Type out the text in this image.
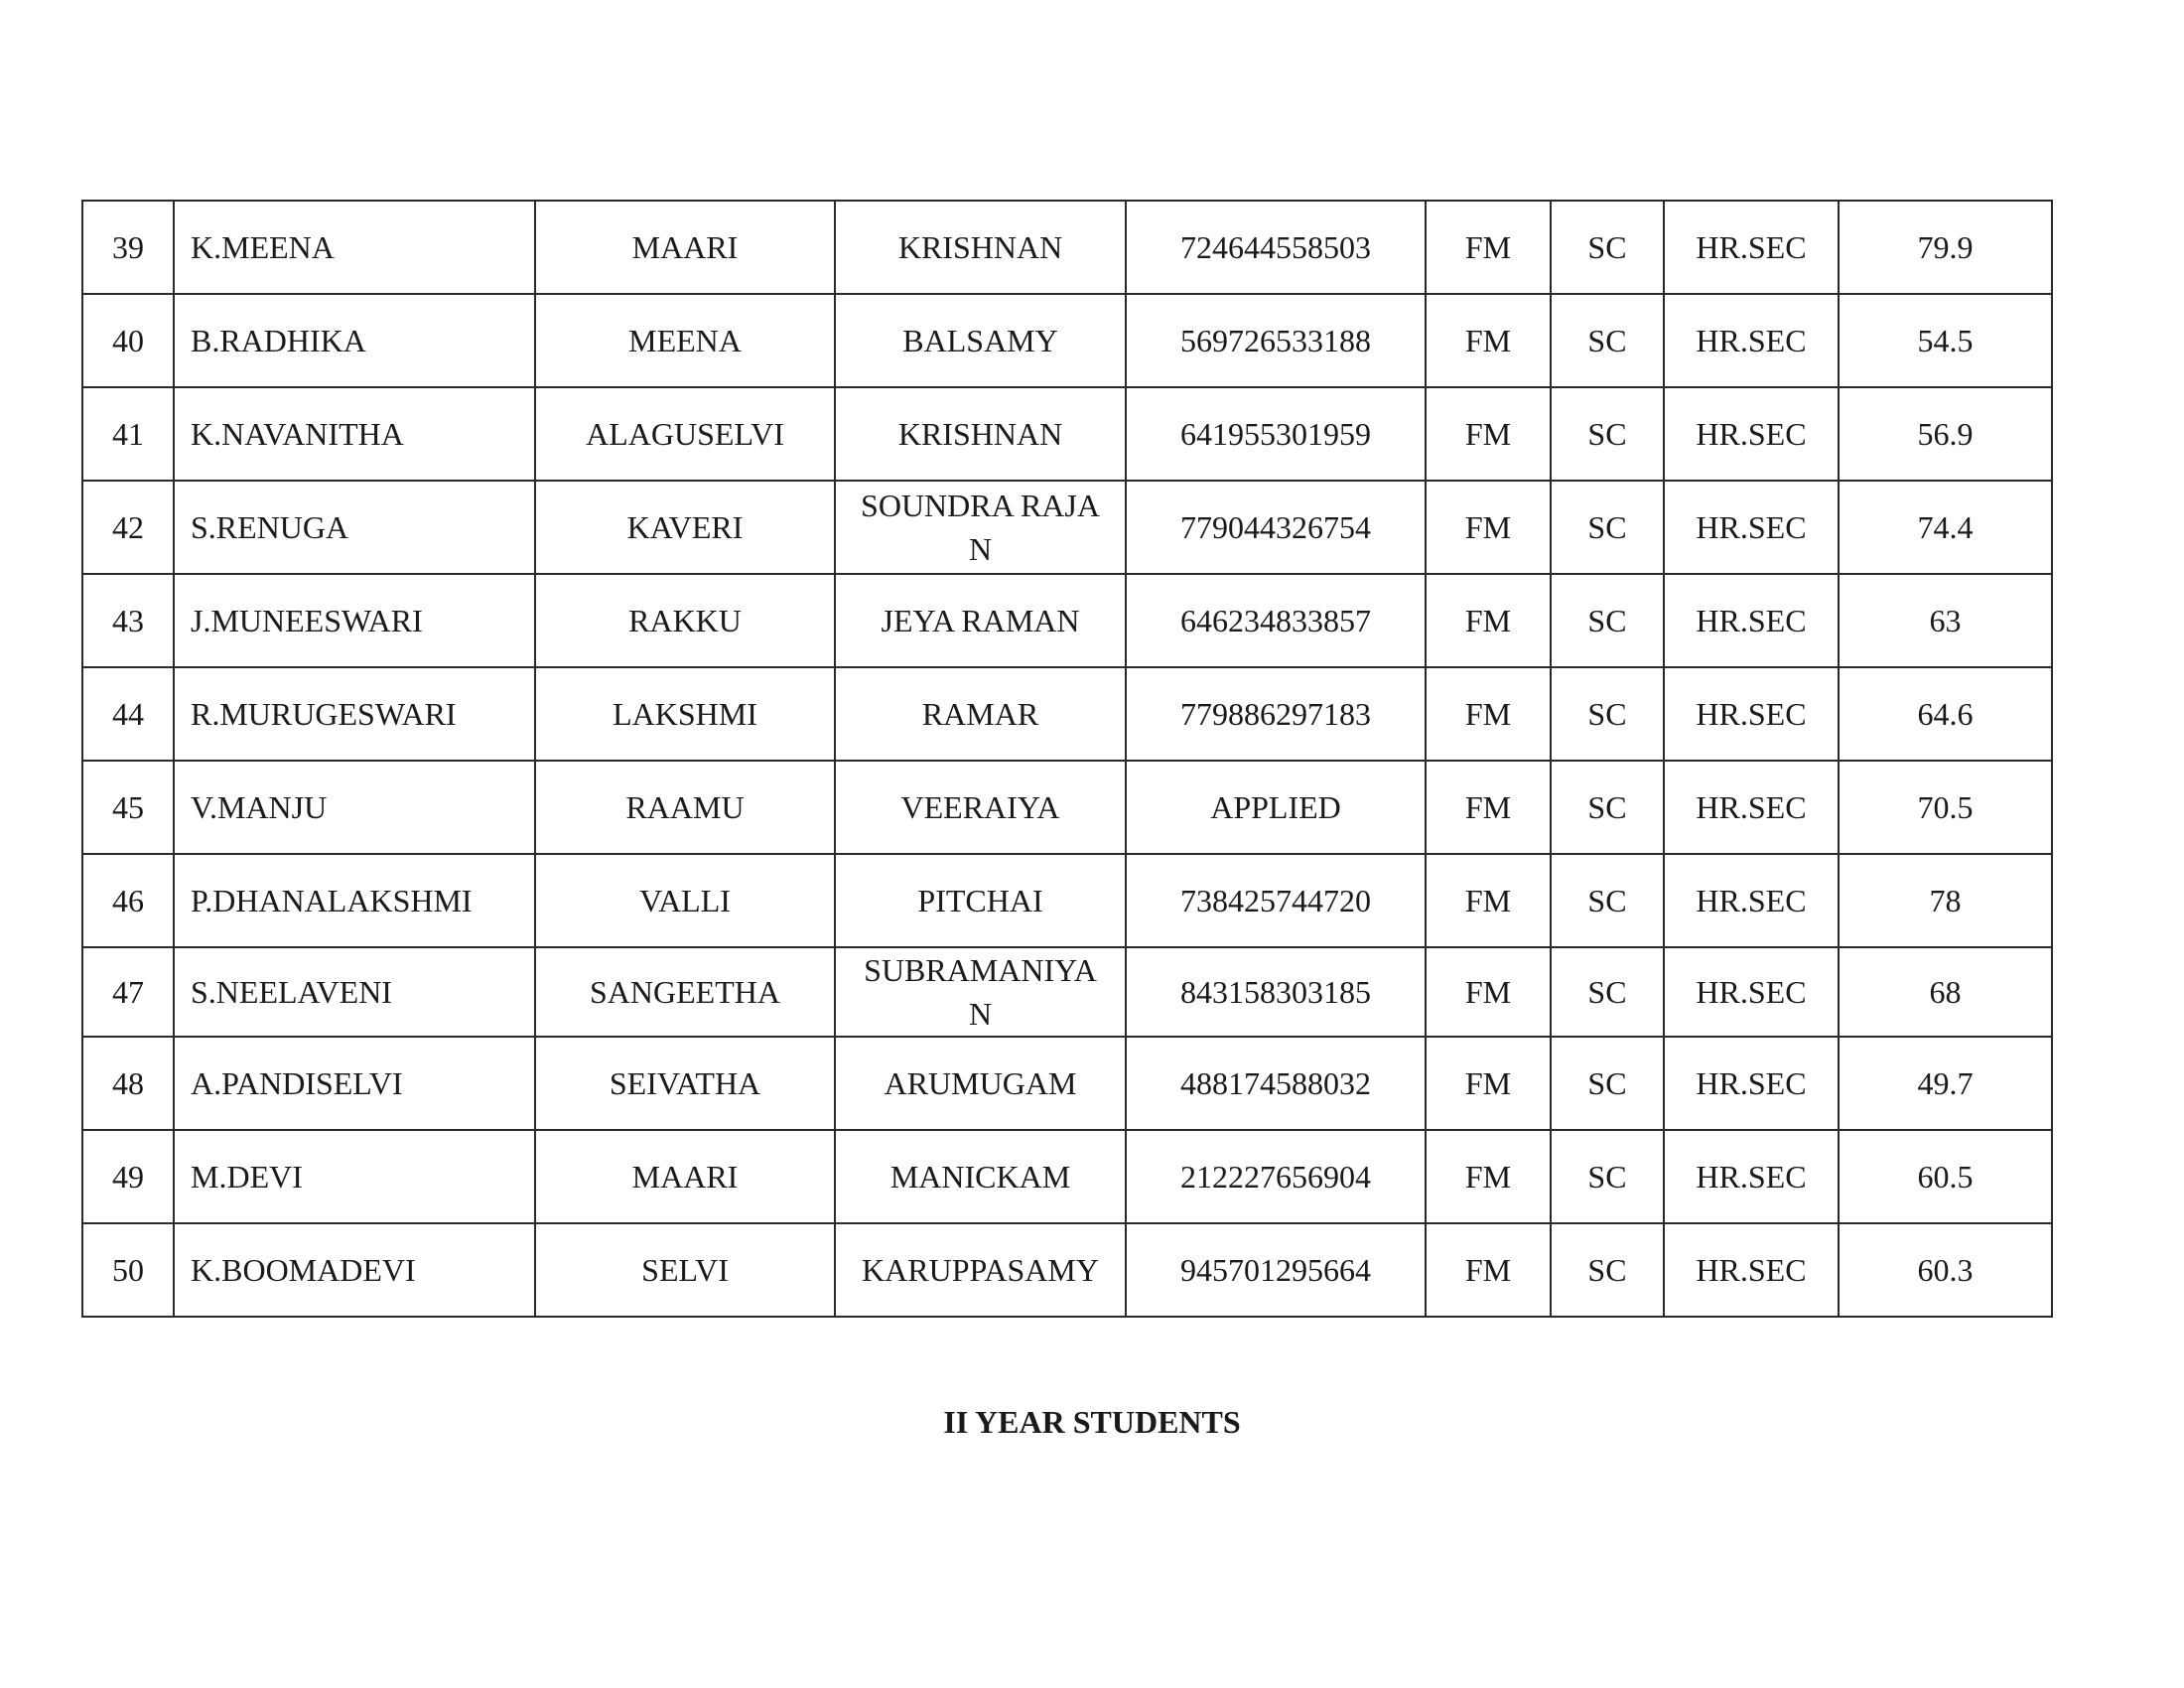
39	K.MEENA	MAARI	KRISHNAN	724644558503	FM	SC	HR.SEC	79.9
40	B.RADHIKA	MEENA	BALSAMY	569726533188	FM	SC	HR.SEC	54.5
41	K.NAVANITHA	ALAGUSELVI	KRISHNAN	641955301959	FM	SC	HR.SEC	56.9
42	S.RENUGA	KAVERI	SOUNDRA RAJAN	779044326754	FM	SC	HR.SEC	74.4
43	J.MUNEESWARI	RAKKU	JEYA RAMAN	646234833857	FM	SC	HR.SEC	63
44	R.MURUGESWARI	LAKSHMI	RAMAR	779886297183	FM	SC	HR.SEC	64.6
45	V.MANJU	RAAMU	VEERAIYA	APPLIED	FM	SC	HR.SEC	70.5
46	P.DHANALAKSHMI	VALLI	PITCHAI	738425744720	FM	SC	HR.SEC	78
47	S.NEELAVENI	SANGEETHA	SUBRAMANIYAN	843158303185	FM	SC	HR.SEC	68
48	A.PANDISELVI	SEIVATHA	ARUMUGAM	488174588032	FM	SC	HR.SEC	49.7
49	M.DEVI	MAARI	MANICKAM	212227656904	FM	SC	HR.SEC	60.5
50	K.BOOMADEVI	SELVI	KARUPPASAMY	945701295664	FM	SC	HR.SEC	60.3
II YEAR STUDENTS
